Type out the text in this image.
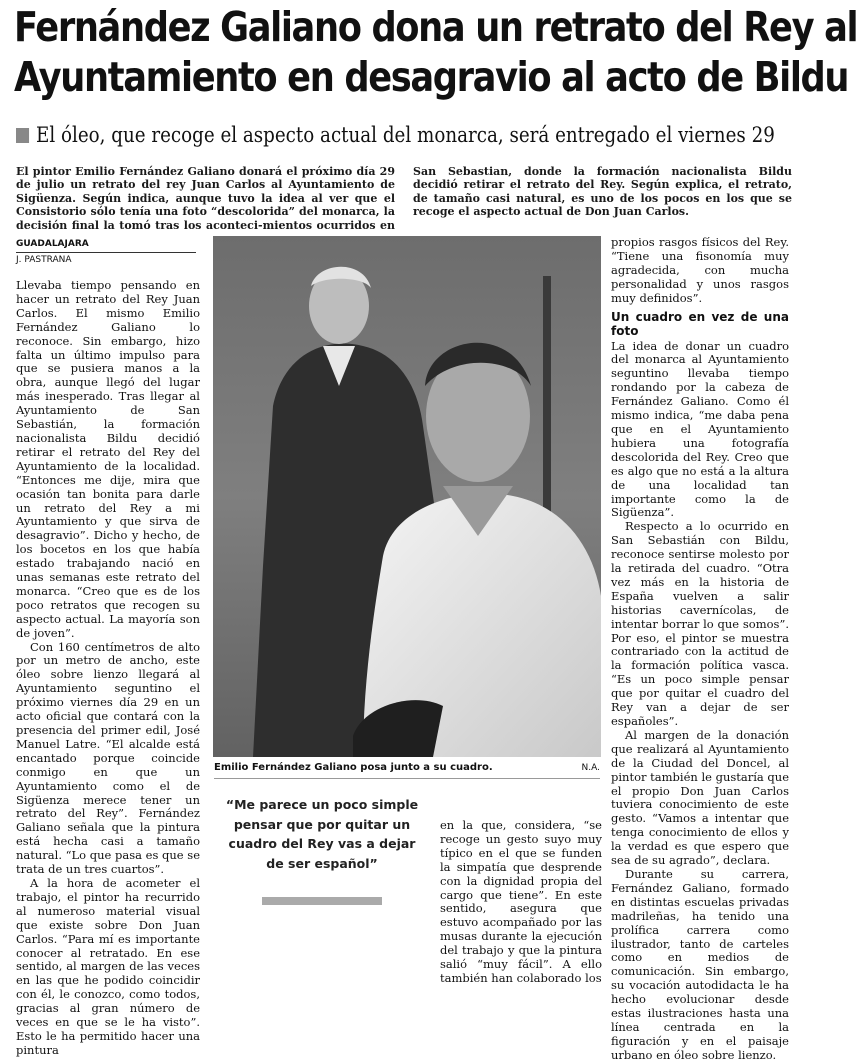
Fernández Galiano dona un retrato del Rey al
Ayuntamiento en desagravio al acto de Bildu
El óleo, que recoge el aspecto actual del monarca, será entregado el viernes 29
El pintor Emilio Fernández Galiano donará el próximo día 29 de julio un retrato del rey Juan Carlos al Ayuntamiento de Sigüenza. Según indica, aunque tuvo la idea al ver que el Consistorio sólo tenía una foto “descolorida” del monarca, la decisión final la tomó tras los aconteci-mientos ocurridos en San Sebastian, donde la formación nacionalista Bildu decidió retirar el retrato del Rey. Según explica, el retrato, de tamaño casi natural, es uno de los pocos en los que se recoge el aspecto actual de Don Juan Carlos.
GUADALAJARA
J. PASTRANA

Llevaba tiempo pensando en hacer un retrato del Rey Juan Carlos. El mismo Emilio Fernández Galiano lo reconoce. Sin embargo, hizo falta un último impulso para que se pusiera manos a la obra, aunque llegó del lugar más inesperado. Tras llegar al Ayuntamiento de San Sebastián, la formación nacionalista Bildu decidió retirar el retrato del Rey del Ayuntamiento de la localidad. “Entonces me dije, mira que ocasión tan bonita para darle un retrato del Rey a mi Ayuntamiento y que sirva de desagravio”. Dicho y hecho, de los bocetos en los que había estado trabajando nació en unas semanas este retrato del monarca. “Creo que es de los poco retratos que recogen su aspecto actual. La mayoría son de joven”.

Con 160 centímetros de alto por un metro de ancho, este óleo sobre lienzo llegará al Ayuntamiento seguntino el próximo viernes día 29 en un acto oficial que contará con la presencia del primer edil, José Manuel Latre. “El alcalde está encantado porque coincide conmigo en que un Ayuntamiento como el de Sigüenza merece tener un retrato del Rey”. Fernández Galiano señala que la pintura está hecha casi a tamaño natural. “Lo que pasa es que se trata de un tres cuartos”.

A la hora de acometer el trabajo, el pintor ha recurrido al numeroso material visual que existe sobre Don Juan Carlos. “Para mí es importante conocer al retratado. En ese sentido, al margen de las veces en las que he podido coincidir con él, le conozco, como todos, gracias al gran número de veces en que se le ha visto”. Esto le ha permitido hacer una pintura

Emilio Fernández Galiano posa junto a su cuadro.	N.A.
“Me parece un poco simple pensar que por quitar un cuadro del Rey vas a dejar de ser español”

en la que, considera, “se recoge un gesto suyo muy típico en el que se funden la simpatía que desprende con la dignidad propia del cargo que tiene”. En este sentido, asegura que estuvo acompañado por las musas durante la ejecución del trabajo y que la pintura salió “muy fácil”. A ello también han colaborado los

propios rasgos físicos del Rey. “Tiene una fisonomía muy agradecida, con mucha personalidad y unos rasgos muy definidos”.

Un cuadro en vez de una foto

La idea de donar un cuadro del monarca al Ayuntamiento seguntino llevaba tiempo rondando por la cabeza de Fernández Galiano. Como él mismo indica, “me daba pena que en el Ayuntamiento hubiera una fotografía descolorida del Rey. Creo que es algo que no está a la altura de una localidad tan importante como la de Sigüenza”.

Respecto a lo ocurrido en San Sebastián con Bildu, reconoce sentirse molesto por la retirada del cuadro. “Otra vez más en la historia de España vuelven a salir historias cavernícolas, de intentar borrar lo que somos”. Por eso, el pintor se muestra contrariado con la actitud de la formación política vasca. “Es un poco simple pensar que por quitar el cuadro del Rey van a dejar de ser españoles”.

Al margen de la donación que realizará al Ayuntamiento de la Ciudad del Doncel, al pintor también le gustaría que el propio Don Juan Carlos tuviera conocimiento de este gesto. “Vamos a intentar que tenga conocimiento de ellos y la verdad es que espero que sea de su agrado”, declara.

Durante su carrera, Fernández Galiano, formado en distintas escuelas privadas madrileñas, ha tenido una prolífica carrera como ilustrador, tanto de carteles como en medios de comunicación. Sin embargo, su vocación autodidacta le ha hecho evolucionar desde estas ilustraciones hasta una línea centrada en la figuración y en el paisaje urbano en óleo sobre lienzo.
